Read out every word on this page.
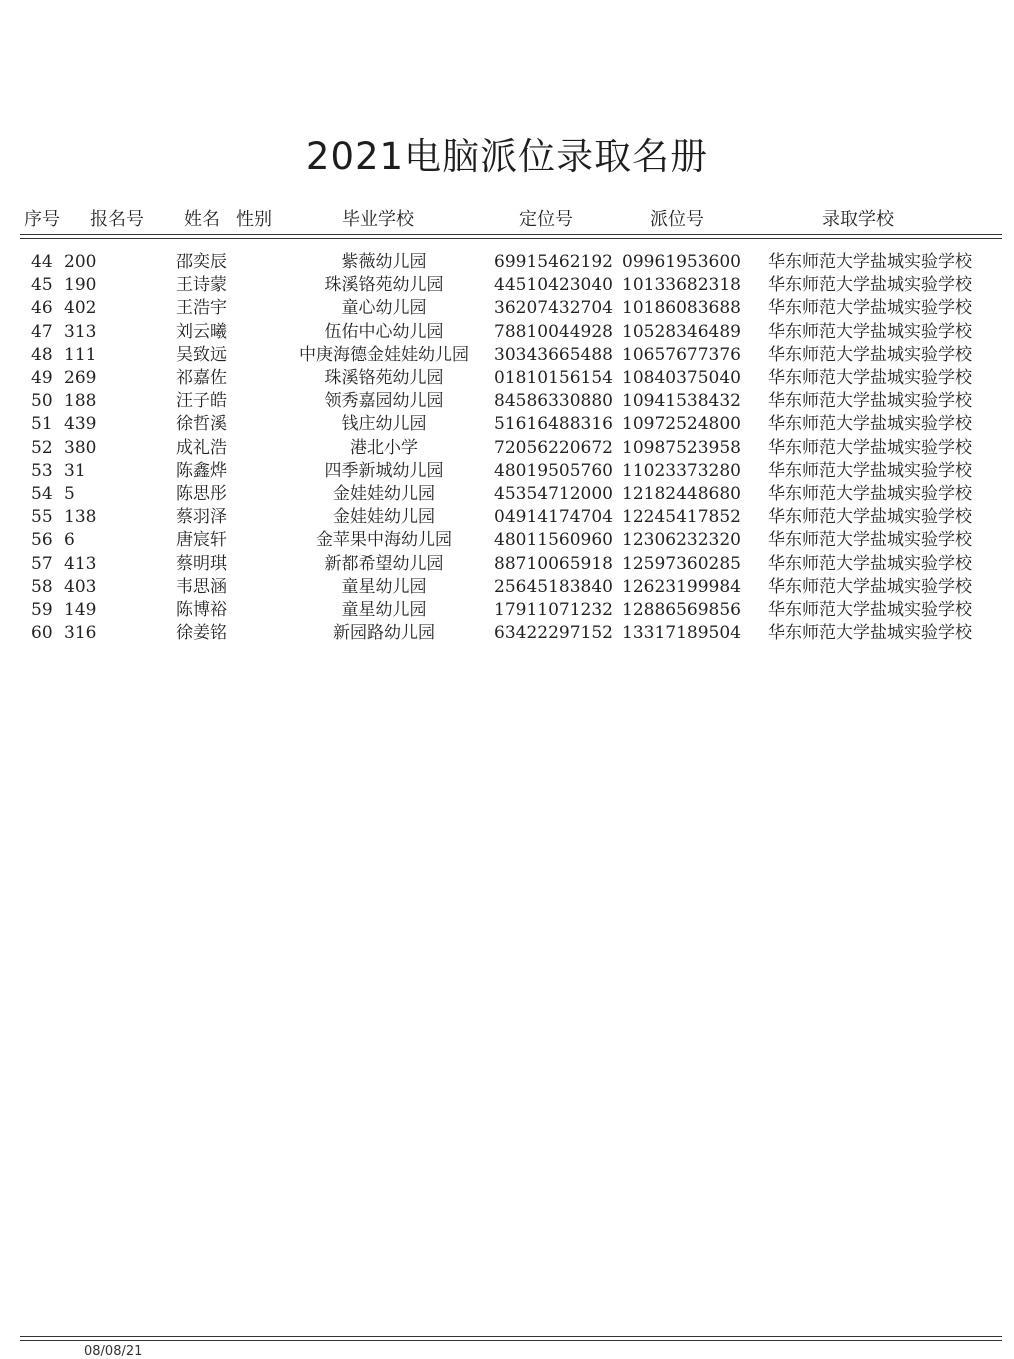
2021电脑派位录取名册
序号 报名号 姓名 性别	毕业学校	定位号	派位号	录取学校
44 200	邵奕辰	紫薇幼儿园	69915462192 09961953600 华东师范大学盐城实验学校
45 190	王诗蒙	珠溪铬苑幼儿园	44510423040 10133682318 华东师范大学盐城实验学校
46 402	王浩宇	童心幼儿园	36207432704 10186083688 华东师范大学盐城实验学校
47 313	刘云曦	伍佑中心幼儿园	78810044928 10528346489 华东师范大学盐城实验学校
48 111	吴致远	中庚海德金娃娃幼儿园	30343665488 10657677376 华东师范大学盐城实验学校
49 269	祁嘉佐	珠溪铬苑幼儿园	01810156154 10840375040 华东师范大学盐城实验学校
50 188	汪子皓	领秀嘉园幼儿园	84586330880 10941538432 华东师范大学盐城实验学校
51 439	徐哲溪	钱庄幼儿园	51616488316 10972524800 华东师范大学盐城实验学校
52 380	成礼浩	港北小学	72056220672 10987523958 华东师范大学盐城实验学校
53 31	陈鑫烨	四季新城幼儿园	48019505760 11023373280 华东师范大学盐城实验学校
54 5	陈思彤	金娃娃幼儿园	45354712000 12182448680 华东师范大学盐城实验学校
55 138	蔡羽泽	金娃娃幼儿园	04914174704 12245417852 华东师范大学盐城实验学校
56 6	唐宸轩	金苹果中海幼儿园	48011560960 12306232320 华东师范大学盐城实验学校
57 413	蔡明琪	新都希望幼儿园	88710065918 12597360285 华东师范大学盐城实验学校
58 403	韦思涵	童星幼儿园	25645183840 12623199984 华东师范大学盐城实验学校
59 149	陈博裕	童星幼儿园	17911071232 12886569856 华东师范大学盐城实验学校
60 316	徐姜铭	新园路幼儿园	63422297152 13317189504 华东师范大学盐城实验学校
08/08/21
